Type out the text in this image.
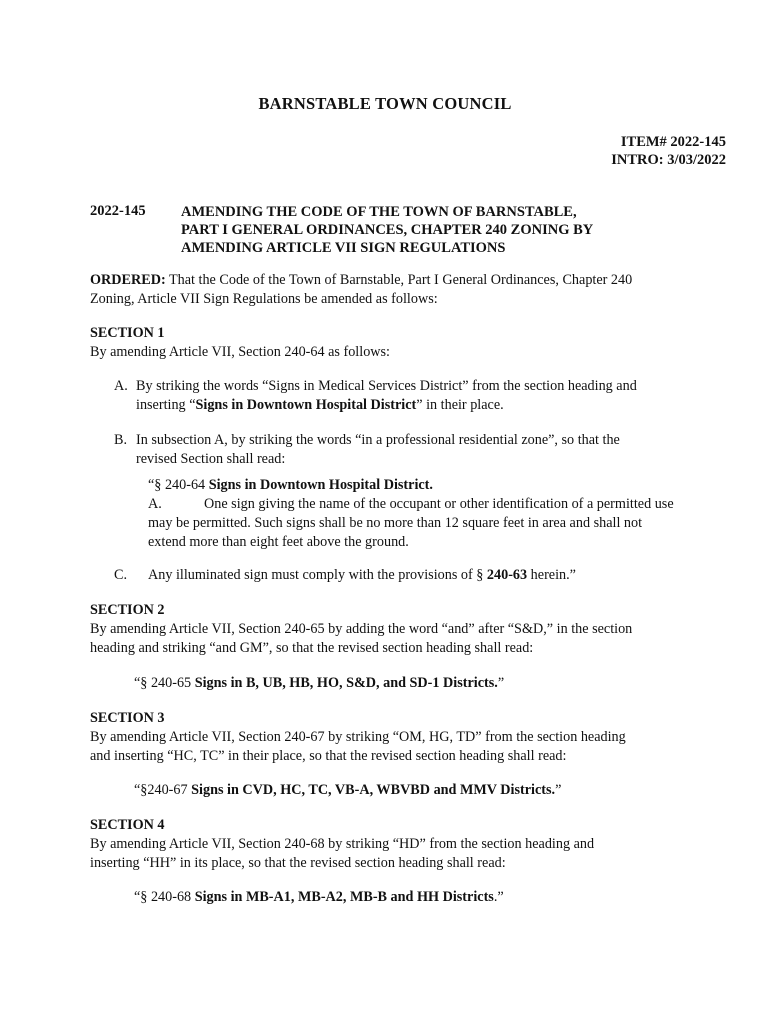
BARNSTABLE TOWN COUNCIL
ITEM# 2022-145
INTRO: 3/03/2022
2022-145 AMENDING THE CODE OF THE TOWN OF BARNSTABLE,
PART I GENERAL ORDINANCES, CHAPTER 240 ZONING BY
AMENDING ARTICLE VII SIGN REGULATIONS
ORDERED: That the Code of the Town of Barnstable, Part I General Ordinances, Chapter 240
Zoning, Article VII Sign Regulations be amended as follows:
SECTION 1
By amending Article VII, Section 240-64 as follows:
A. By striking the words “Signs in Medical Services District” from the section heading and
inserting “Signs in Downtown Hospital District” in their place.
B. In subsection A, by striking the words “in a professional residential zone”, so that the
revised Section shall read:
“§ 240-64 Signs in Downtown Hospital District.
A.	One sign giving the name of the occupant or other identification of a permitted use
may be permitted. Such signs shall be no more than 12 square feet in area and shall not
extend more than eight feet above the ground.
C. Any illuminated sign must comply with the provisions of § 240-63 herein.”
SECTION 2
By amending Article VII, Section 240-65 by adding the word “and” after “S&D,” in the section
heading and striking “and GM”, so that the revised section heading shall read:
“§ 240-65 Signs in B, UB, HB, HO, S&D, and SD-1 Districts.”
SECTION 3
By amending Article VII, Section 240-67 by striking “OM, HG, TD” from the section heading
and inserting “HC, TC” in their place, so that the revised section heading shall read:
“§240-67 Signs in CVD, HC, TC, VB-A, WBVBD and MMV Districts.”
SECTION 4
By amending Article VII, Section 240-68 by striking “HD” from the section heading and
inserting “HH” in its place, so that the revised section heading shall read:
“§ 240-68 Signs in MB-A1, MB-A2, MB-B and HH Districts.”
